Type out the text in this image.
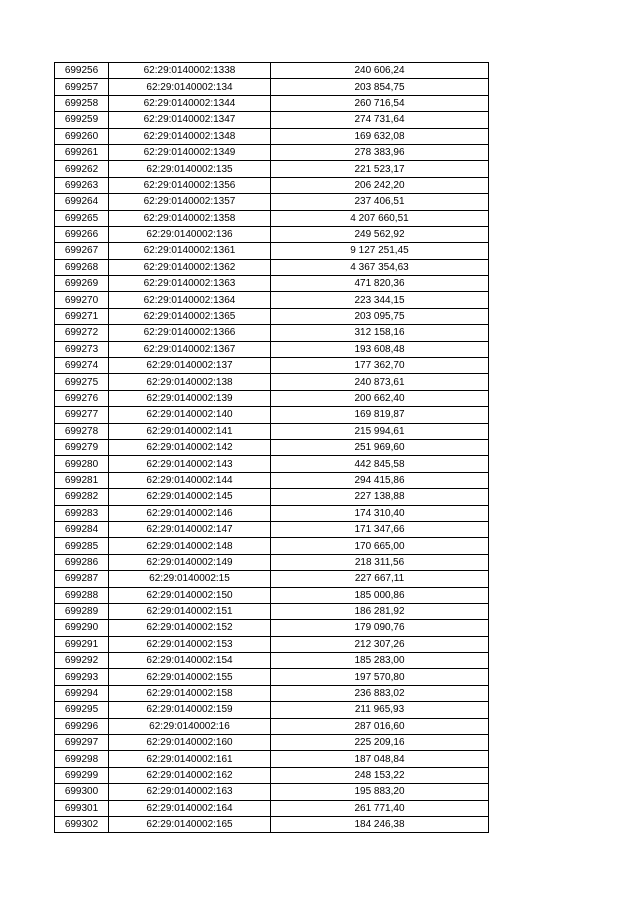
699256	62:29:0140002:1338	240 606,24
699257	62:29:0140002:134	203 854,75
699258	62:29:0140002:1344	260 716,54
699259	62:29:0140002:1347	274 731,64
699260	62:29:0140002:1348	169 632,08
699261	62:29:0140002:1349	278 383,96
699262	62:29:0140002:135	221 523,17
699263	62:29:0140002:1356	206 242,20
699264	62:29:0140002:1357	237 406,51
699265	62:29:0140002:1358	4 207 660,51
699266	62:29:0140002:136	249 562,92
699267	62:29:0140002:1361	9 127 251,45
699268	62:29:0140002:1362	4 367 354,63
699269	62:29:0140002:1363	471 820,36
699270	62:29:0140002:1364	223 344,15
699271	62:29:0140002:1365	203 095,75
699272	62:29:0140002:1366	312 158,16
699273	62:29:0140002:1367	193 608,48
699274	62:29:0140002:137	177 362,70
699275	62:29:0140002:138	240 873,61
699276	62:29:0140002:139	200 662,40
699277	62:29:0140002:140	169 819,87
699278	62:29:0140002:141	215 994,61
699279	62:29:0140002:142	251 969,60
699280	62:29:0140002:143	442 845,58
699281	62:29:0140002:144	294 415,86
699282	62:29:0140002:145	227 138,88
699283	62:29:0140002:146	174 310,40
699284	62:29:0140002:147	171 347,66
699285	62:29:0140002:148	170 665,00
699286	62:29:0140002:149	218 311,56
699287	62:29:0140002:15	227 667,11
699288	62:29:0140002:150	185 000,86
699289	62:29:0140002:151	186 281,92
699290	62:29:0140002:152	179 090,76
699291	62:29:0140002:153	212 307,26
699292	62:29:0140002:154	185 283,00
699293	62:29:0140002:155	197 570,80
699294	62:29:0140002:158	236 883,02
699295	62:29:0140002:159	211 965,93
699296	62:29:0140002:16	287 016,60
699297	62:29:0140002:160	225 209,16
699298	62:29:0140002:161	187 048,84
699299	62:29:0140002:162	248 153,22
699300	62:29:0140002:163	195 883,20
699301	62:29:0140002:164	261 771,40
699302	62:29:0140002:165	184 246,38
